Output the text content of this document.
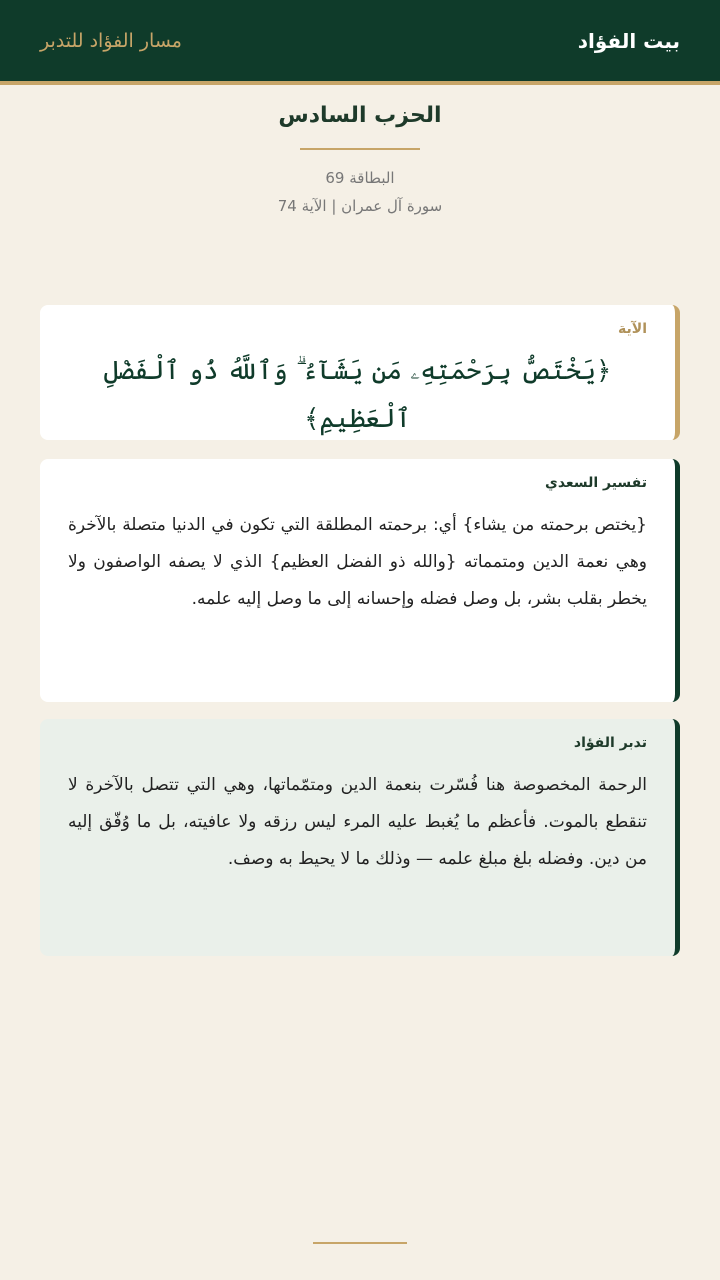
بيت الفؤاد
مسار الفؤاد للتدبر
الحزب السادس
البطاقة 69
سورة آل عمران | الآية 74
الآية
﴿يَخْتَصُّ بِرَحْمَتِهِۦ مَن يَشَآءُ ۗ وَٱللَّهُ ذُو ٱلْفَضْلِ ٱلْعَظِيمِ﴾
تفسير السعدي

{يختص برحمته من يشاء} أي: برحمته المطلقة التي تكون في الدنيا متصلة بالآخرة وهي نعمة الدين ومتمماته {والله ذو الفضل العظيم} الذي لا يصفه الواصفون ولا يخطر بقلب بشر، بل وصل فضله وإحسانه إلى ما وصل إليه علمه.

تدبر الفؤاد

الرحمة المخصوصة هنا فُسّرت بنعمة الدين ومتمّماتها، وهي التي تتصل بالآخرة لا تنقطع بالموت. فأعظم ما يُغبط عليه المرء ليس رزقه ولا عافيته، بل ما وُفّق إليه من دين. وفضله بلغ مبلغ علمه — وذلك ما لا يحيط به وصف.
